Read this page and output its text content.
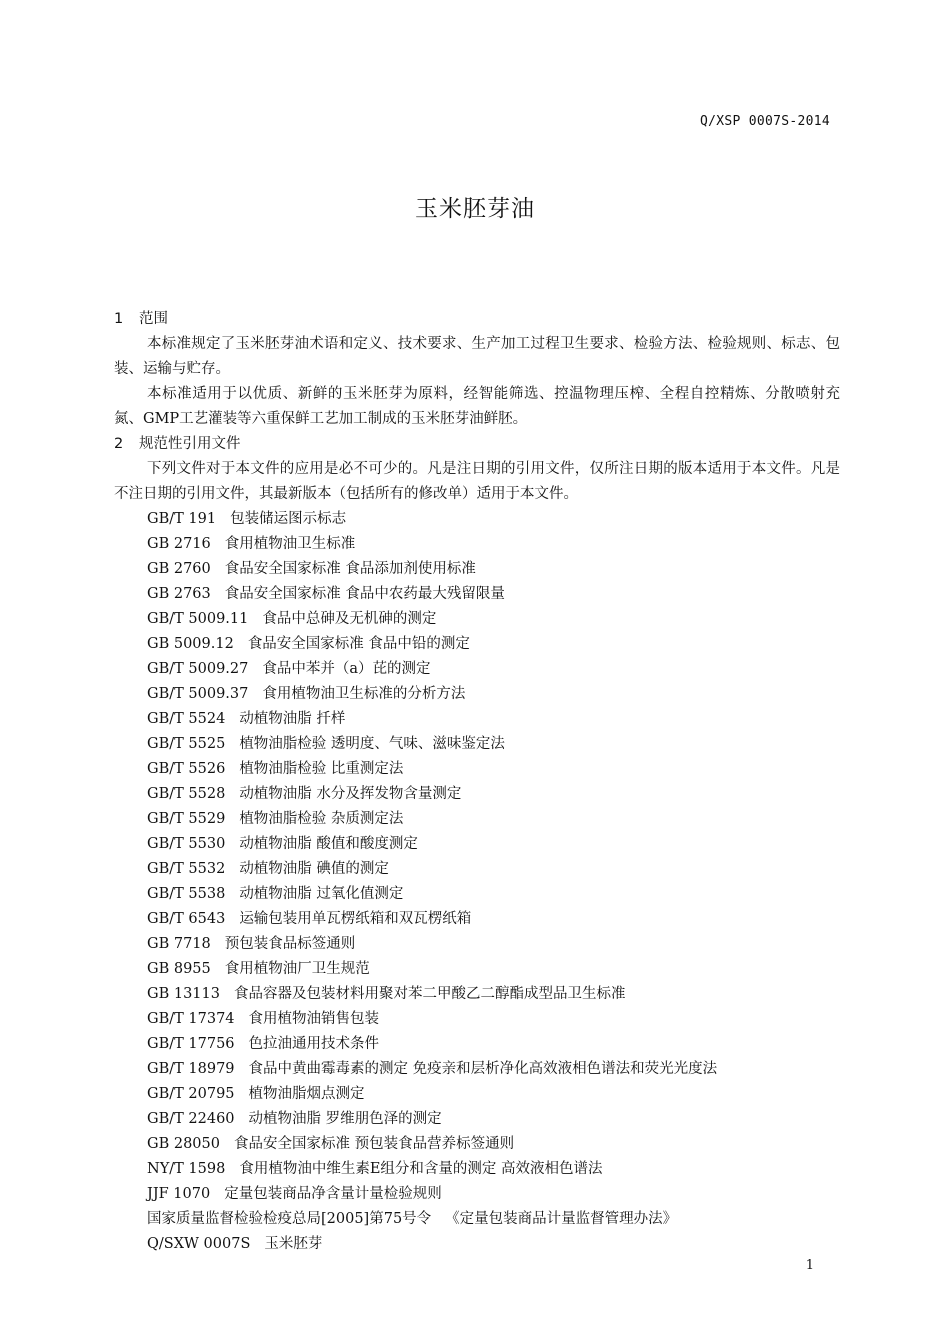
Q/XSP 0007S-2014
玉米胚芽油
1 范围
本标准规定了玉米胚芽油术语和定义、技术要求、生产加工过程卫生要求、检验方法、检验规则、标志、包装、运输与贮存。
本标准适用于以优质、新鲜的玉米胚芽为原料，经智能筛选、控温物理压榨、全程自控精炼、分散喷射充氮、GMP工艺灌装等六重保鲜工艺加工制成的玉米胚芽油鲜胚。
2 规范性引用文件
下列文件对于本文件的应用是必不可少的。凡是注日期的引用文件，仅所注日期的版本适用于本文件。凡是不注日期的引用文件，其最新版本（包括所有的修改单）适用于本文件。
GB/T 191 包装储运图示标志
GB 2716 食用植物油卫生标准
GB 2760 食品安全国家标准 食品添加剂使用标准
GB 2763 食品安全国家标准 食品中农药最大残留限量
GB/T 5009.11 食品中总砷及无机砷的测定
GB 5009.12 食品安全国家标准 食品中铅的测定
GB/T 5009.27 食品中苯并（a）芘的测定
GB/T 5009.37 食用植物油卫生标准的分析方法
GB/T 5524 动植物油脂 扦样
GB/T 5525 植物油脂检验 透明度、气味、滋味鉴定法
GB/T 5526 植物油脂检验 比重测定法
GB/T 5528 动植物油脂 水分及挥发物含量测定
GB/T 5529 植物油脂检验 杂质测定法
GB/T 5530 动植物油脂 酸值和酸度测定
GB/T 5532 动植物油脂 碘值的测定
GB/T 5538 动植物油脂 过氧化值测定
GB/T 6543 运输包装用单瓦楞纸箱和双瓦楞纸箱
GB 7718 预包装食品标签通则
GB 8955 食用植物油厂卫生规范
GB 13113 食品容器及包装材料用聚对苯二甲酸乙二醇酯成型品卫生标准
GB/T 17374 食用植物油销售包装
GB/T 17756 色拉油通用技术条件
GB/T 18979 食品中黄曲霉毒素的测定 免疫亲和层析净化高效液相色谱法和荧光光度法
GB/T 20795 植物油脂烟点测定
GB/T 22460 动植物油脂 罗维朋色泽的测定
GB 28050 食品安全国家标准 预包装食品营养标签通则
NY/T 1598 食用植物油中维生素E组分和含量的测定 高效液相色谱法
JJF 1070 定量包装商品净含量计量检验规则
国家质量监督检验检疫总局[2005]第75号令 《定量包装商品计量监督管理办法》
Q/SXW 0007S 玉米胚芽
1
